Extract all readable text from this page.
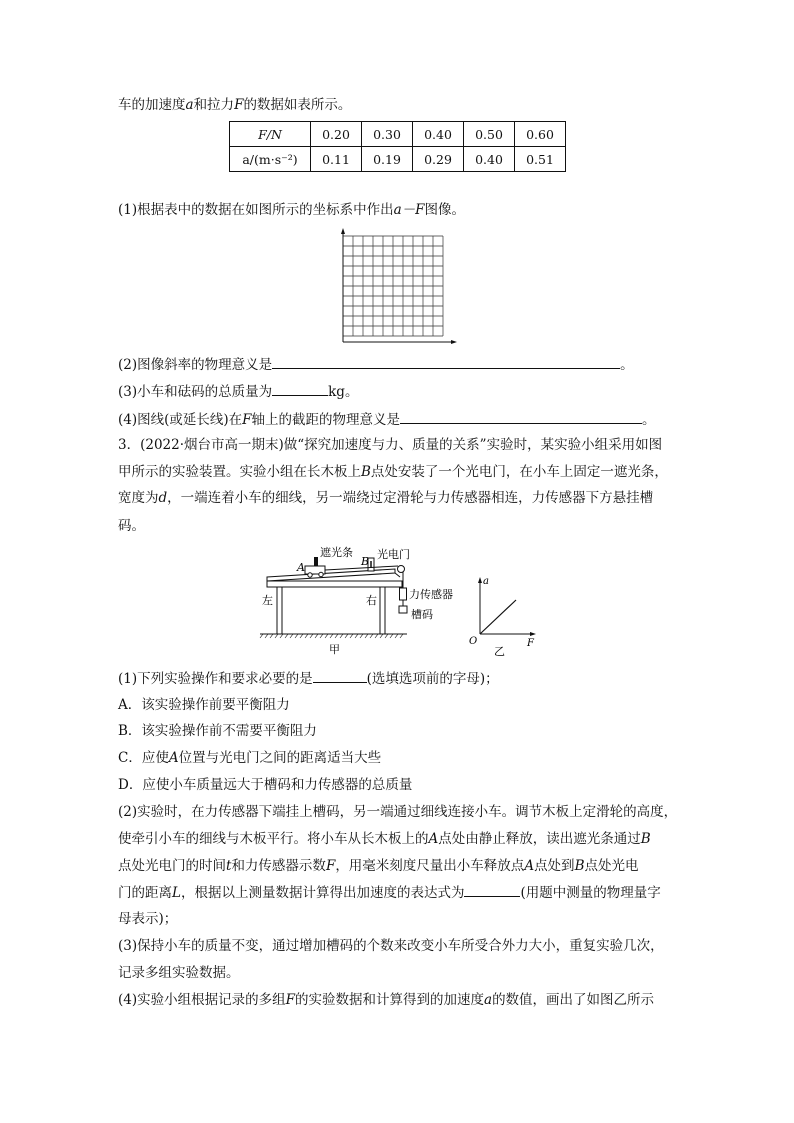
车的加速度a和拉力F的数据如表所示。
F/N	0.20	0.30	0.40	0.50	0.60
a/(m·s⁻²)	0.11	0.19	0.29	0.40	0.51
(1)根据表中的数据在如图所示的坐标系中作出a－F图像。
(2)图像斜率的物理意义是	。
(3)小车和砝码的总质量为	kg。
(4)图线(或延长线)在F轴上的截距的物理意义是	。
3．(2022·烟台市高一期末)做“探究加速度与力、质量的关系”实验时，某实验小组采用如图
甲所示的实验装置。实验小组在长木板上B点处安装了一个光电门，在小车上固定一遮光条，
宽度为d，一端连着小车的细线，另一端绕过定滑轮与力传感器相连，力传感器下方悬挂槽
码。
遮光条 光电门
A	B
左	右	力传感器
槽码
甲
a
F
O
乙
(1)下列实验操作和要求必要的是	(选填选项前的字母)；
A．该实验操作前要平衡阻力
B．该实验操作前不需要平衡阻力
C．应使A位置与光电门之间的距离适当大些
D．应使小车质量远大于槽码和力传感器的总质量
(2)实验时，在力传感器下端挂上槽码，另一端通过细线连接小车。调节木板上定滑轮的高度，
使牵引小车的细线与木板平行。将小车从长木板上的A点处由静止释放，读出遮光条通过B
点处光电门的时间t和力传感器示数F，用毫米刻度尺量出小车释放点A点处到B点处光电
门的距离L，根据以上测量数据计算得出加速度的表达式为	(用题中测量的物理量字
母表示)；
(3)保持小车的质量不变，通过增加槽码的个数来改变小车所受合外力大小，重复实验几次，
记录多组实验数据。
(4)实验小组根据记录的多组F的实验数据和计算得到的加速度a的数值，画出了如图乙所示
